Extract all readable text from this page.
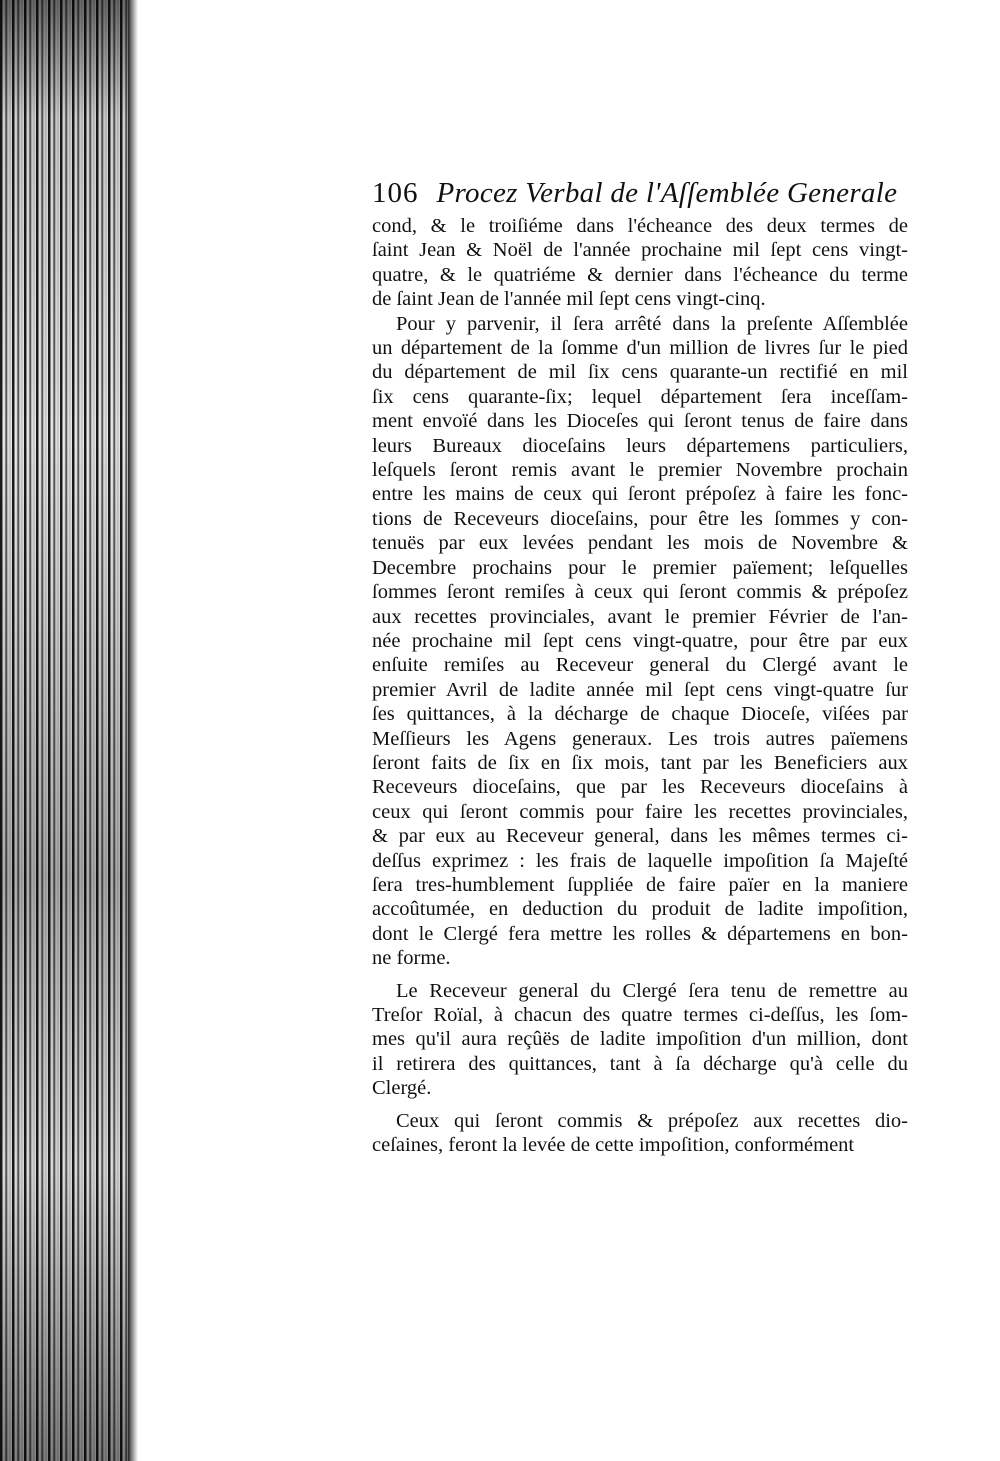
106 Procez Verbal de l'Aſſemblée Generale
cond, & le troiſiéme dans l'écheance des deux termes de
ſaint Jean & Noël de l'année prochaine mil ſept cens vingt-
quatre, & le quatriéme & dernier dans l'écheance du terme
de ſaint Jean de l'année mil ſept cens vingt-cinq.
Pour y parvenir, il ſera arrêté dans la preſente Aſſemblée
un département de la ſomme d'un million de livres ſur le pied
du département de mil ſix cens quarante-un rectifié en mil
ſix cens quarante-ſix; lequel département ſera inceſſam-
ment envoïé dans les Dioceſes qui ſeront tenus de faire dans
leurs Bureaux dioceſains leurs départemens particuliers,
leſquels ſeront remis avant le premier Novembre prochain
entre les mains de ceux qui ſeront prépoſez à faire les fonc-
tions de Receveurs dioceſains, pour être les ſommes y con-
tenuës par eux levées pendant les mois de Novembre &
Decembre prochains pour le premier païement; leſquelles
ſommes ſeront remiſes à ceux qui ſeront commis & prépoſez
aux recettes provinciales, avant le premier Février de l'an-
née prochaine mil ſept cens vingt-quatre, pour être par eux
enſuite remiſes au Receveur general du Clergé avant le
premier Avril de ladite année mil ſept cens vingt-quatre ſur
ſes quittances, à la décharge de chaque Dioceſe, viſées par
Meſſieurs les Agens generaux. Les trois autres païemens
ſeront faits de ſix en ſix mois, tant par les Beneficiers aux
Receveurs dioceſains, que par les Receveurs dioceſains à
ceux qui ſeront commis pour faire les recettes provinciales,
& par eux au Receveur general, dans les mêmes termes ci-
deſſus exprimez : les frais de laquelle impoſition ſa Majeſté
ſera tres-humblement ſuppliée de faire païer en la maniere
accoûtumée, en deduction du produit de ladite impoſition,
dont le Clergé fera mettre les rolles & départemens en bon-
ne forme.
Le Receveur general du Clergé ſera tenu de remettre au
Treſor Roïal, à chacun des quatre termes ci-deſſus, les ſom-
mes qu'il aura reçûës de ladite impoſition d'un million, dont
il retirera des quittances, tant à ſa décharge qu'à celle du
Clergé.
Ceux qui ſeront commis & prépoſez aux recettes dio-
ceſaines, feront la levée de cette impoſition, conformément
